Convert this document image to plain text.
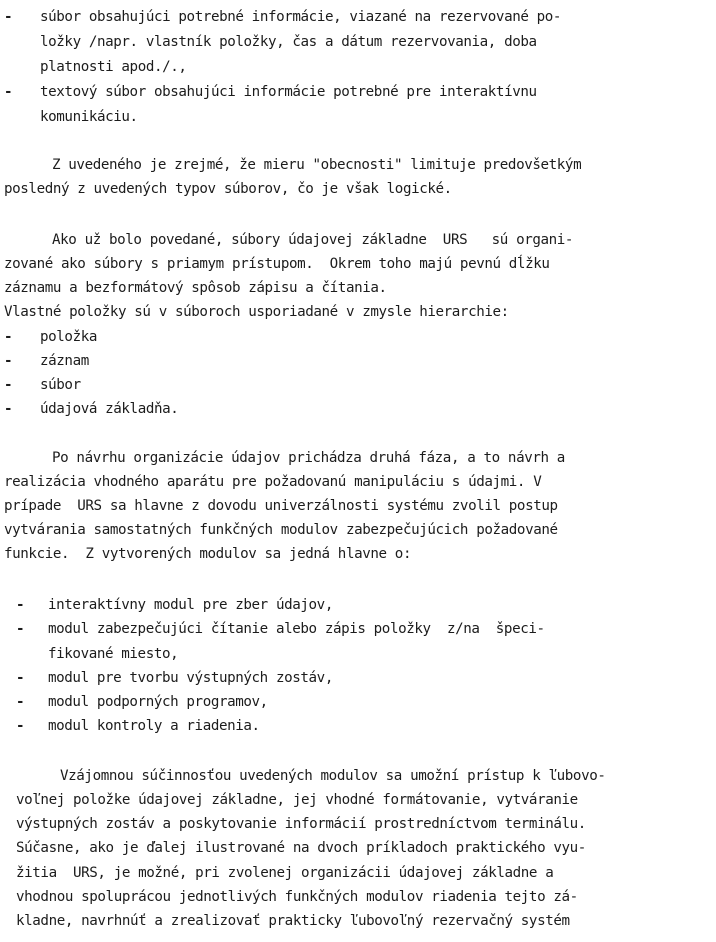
- súbor obsahujúci potrebné informácie, viazané na rezervované po-
ložky /napr. vlastník položky, čas a dátum rezervovania, doba
platnosti apod./.,
- textový súbor obsahujúci informácie potrebné pre interaktívnu
komunikáciu.
Z uvedeného je zrejmé, že mieru "obecnosti" limituje predovšetkým
posledný z uvedených typov súborov, čo je však logické.
Ako už bolo povedané, súbory údajovej základne  URS   sú organi-
zované ako súbory s priamym prístupom.  Okrem toho majú pevnú dĺžku
záznamu a bezformátový spôsob zápisu a čítania.
Vlastné položky sú v súboroch usporiadané v zmysle hierarchie:
- položka
- záznam
- súbor
- údajová základňa.
Po návrhu organizácie údajov prichádza druhá fáza, a to návrh a
realizácia vhodného aparátu pre požadovanú manipuláciu s údajmi. V
prípade  URS sa hlavne z dovodu univerzálnosti systému zvolil postup
vytvárania samostatných funkčných modulov zabezpečujúcich požadované
funkcie.  Z vytvorených modulov sa jedná hlavne o:
- interaktívny modul pre zber údajov,
- modul zabezpečujúci čítanie alebo zápis položky  z/na  špeci-
fikované miesto,
- modul pre tvorbu výstupných zostáv,
- modul podporných programov,
- modul kontroly a riadenia.
Vzájomnou súčinnosťou uvedených modulov sa umožní prístup k ľubovo-
voľnej položke údajovej základne, jej vhodné formátovanie, vytváranie
výstupných zostáv a poskytovanie informácií prostredníctvom terminálu.
Súčasne, ako je ďalej ilustrované na dvoch príkladoch praktického vyu-
žitia  URS, je možné, pri zvolenej organizácii údajovej základne a
vhodnou spoluprácou jednotlivých funkčných modulov riadenia tejto zá-
kladne, navrhnúť a zrealizovať prakticky ľubovoľný rezervačný systém
